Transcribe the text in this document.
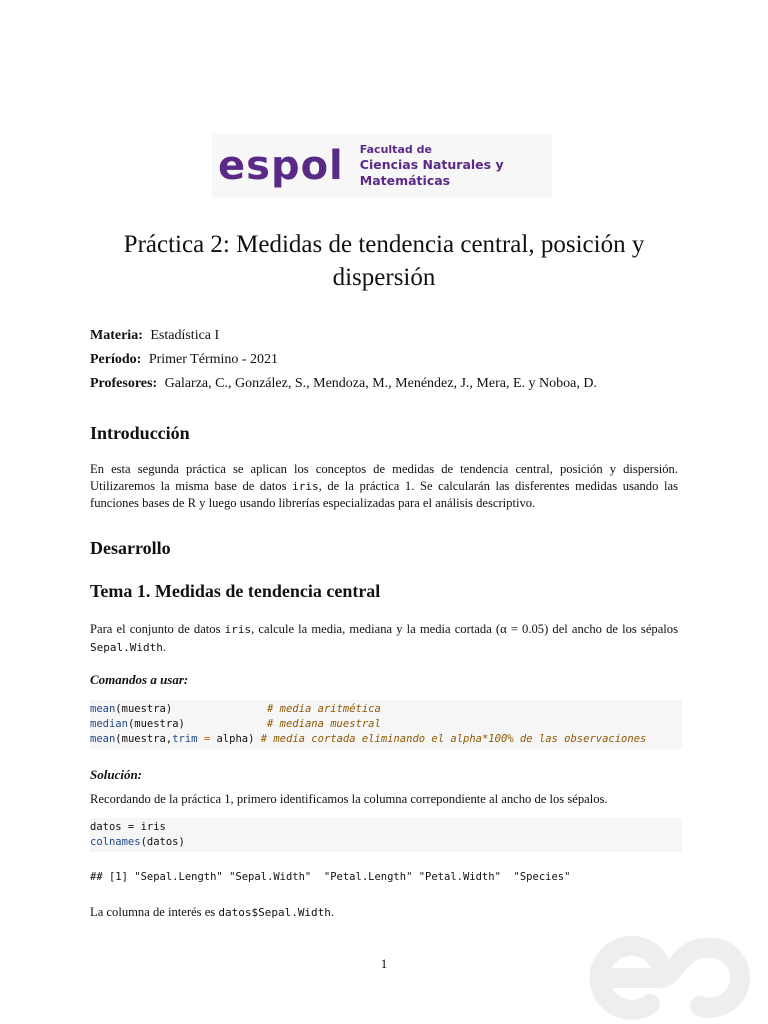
espol Facultad de
Ciencias Naturales y Matemáticas
Práctica 2: Medidas de tendencia central, posición y dispersión
Materia: Estadística I
Período: Primer Término - 2021
Profesores: Galarza, C., González, S., Mendoza, M., Menéndez, J., Mera, E. y Noboa, D.
Introducción

En esta segunda práctica se aplican los conceptos de medidas de tendencia central, posición y dispersión. Utilizaremos la misma base de datos iris, de la práctica 1. Se calcularán las disferentes medidas usando las funciones bases de R y luego usando librerías especializadas para el análisis descriptivo.

Desarrollo
Tema 1. Medidas de tendencia central

Para el conjunto de datos iris, calcule la media, mediana y la media cortada (α = 0.05) del ancho de los sépalos Sepal.Width.

Comandos a usar:
mean(muestra)               # media aritmética
median(muestra)             # mediana muestral
mean(muestra,trim = alpha) # media cortada eliminando el alpha*100% de las observaciones
Solución:

Recordando de la práctica 1, primero identificamos la columna correpondiente al ancho de los sépalos.

datos = iris
colnames(datos)
## [1] "Sepal.Length" "Sepal.Width"  "Petal.Length" "Petal.Width"  "Species"

La columna de interés es datos$Sepal.Width.

1
